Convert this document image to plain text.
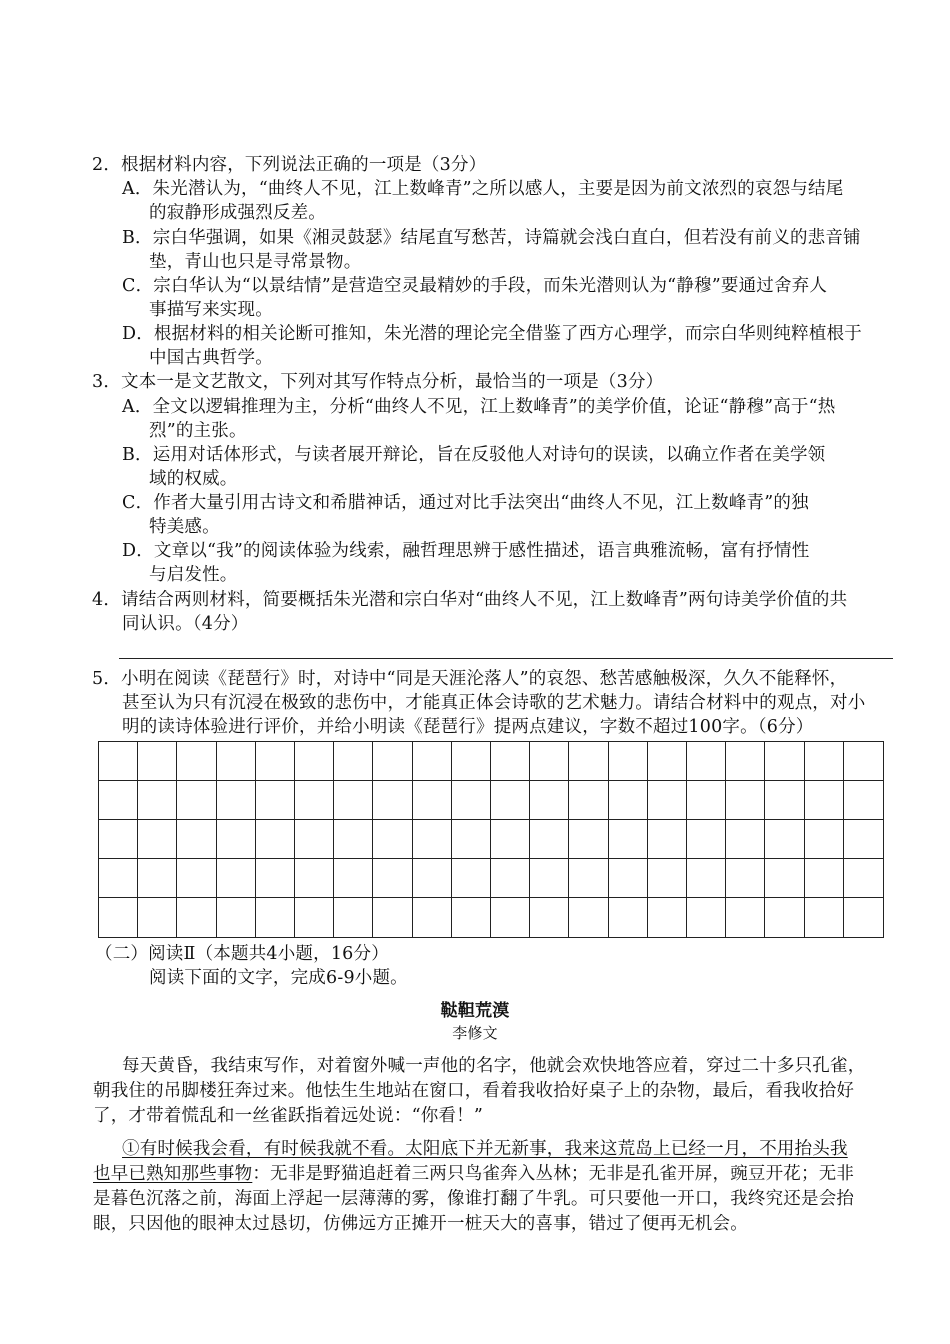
2．根据材料内容，下列说法正确的一项是（3分）
A．朱光潜认为，“曲终人不见，江上数峰青”之所以感人，主要是因为前文浓烈的哀怨与结尾
的寂静形成强烈反差。
B．宗白华强调，如果《湘灵鼓瑟》结尾直写愁苦，诗篇就会浅白直白，但若没有前义的悲音铺
垫，青山也只是寻常景物。
C．宗白华认为“以景结情”是营造空灵最精妙的手段，而朱光潜则认为“静穆”要通过舍弃人
事描写来实现。
D．根据材料的相关论断可推知，朱光潜的理论完全借鉴了西方心理学，而宗白华则纯粹植根于
中国古典哲学。
3．文本一是文艺散文，下列对其写作特点分析，最恰当的一项是（3分）
A．全文以逻辑推理为主，分析“曲终人不见，江上数峰青”的美学价值，论证“静穆”高于“热
烈”的主张。
B．运用对话体形式，与读者展开辩论，旨在反驳他人对诗句的误读，以确立作者在美学领
域的权威。
C．作者大量引用古诗文和希腊神话，通过对比手法突出“曲终人不见，江上数峰青”的独
特美感。
D．文章以“我”的阅读体验为线索，融哲理思辨于感性描述，语言典雅流畅，富有抒情性
与启发性。
4．请结合两则材料，简要概括朱光潜和宗白华对“曲终人不见，江上数峰青”两句诗美学价值的共
同认识。（4分）
5．小明在阅读《琵琶行》时，对诗中“同是天涯沦落人”的哀怨、愁苦感触极深，久久不能释怀，
甚至认为只有沉浸在极致的悲伤中，才能真正体会诗歌的艺术魅力。请结合材料中的观点，对小
明的读诗体验进行评价，并给小明读《琵琶行》提两点建议，字数不超过100字。（6分）
（二）阅读Ⅱ（本题共4小题，16分）
阅读下面的文字，完成6-9小题。
鞑靼荒漠
李修文
每天黄昏，我结束写作，对着窗外喊一声他的名字，他就会欢快地答应着，穿过二十多只孔雀，
朝我住的吊脚楼狂奔过来。他怯生生地站在窗口，看着我收拾好桌子上的杂物，最后，看我收拾好
了，才带着慌乱和一丝雀跃指着远处说：“你看！”
①有时候我会看，有时候我就不看。太阳底下并无新事，我来这荒岛上已经一月，不用抬头我
也早已熟知那些事物：无非是野猫追赶着三两只鸟雀奔入丛林；无非是孔雀开屏，豌豆开花；无非
是暮色沉落之前，海面上浮起一层薄薄的雾，像谁打翻了牛乳。可只要他一开口，我终究还是会抬
眼，只因他的眼神太过恳切，仿佛远方正摊开一桩天大的喜事，错过了便再无机会。
